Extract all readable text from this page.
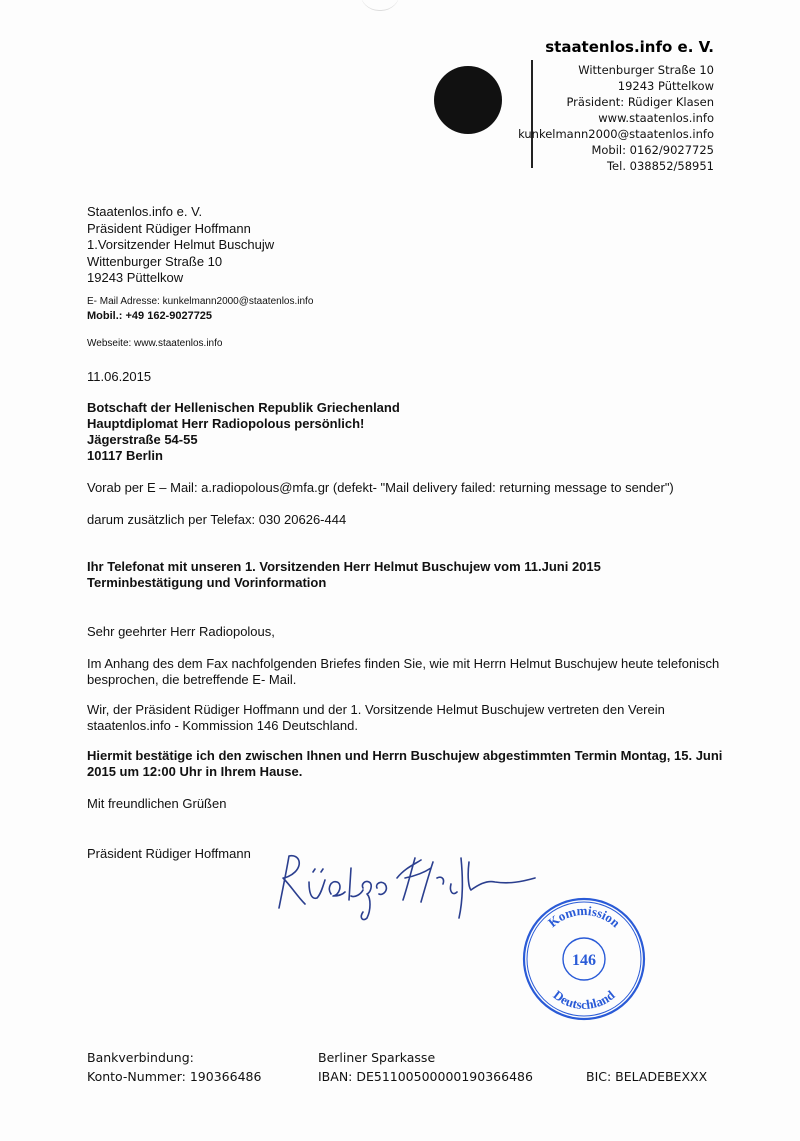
staatenlos.info e. V.
Wittenburger Straße 10
19243 Püttelkow
Präsident: Rüdiger Klasen
www.staatenlos.info
kunkelmann2000@staatenlos.info
Mobil: 0162/9027725
Tel. 038852/58951
Staatenlos.info e. V.
Präsident Rüdiger Hoffmann
1.Vorsitzender Helmut Buschujw
Wittenburger Straße 10
19243 Püttelkow
E- Mail Adresse: kunkelmann2000@staatenlos.info
Mobil.: +49 162-9027725
Webseite: www.staatenlos.info
11.06.2015
Botschaft der Hellenischen Republik Griechenland
Hauptdiplomat Herr Radiopolous persönlich!
Jägerstraße 54-55
10117 Berlin
Vorab per E – Mail: a.radiopolous@mfa.gr (defekt- "Mail delivery failed: returning message to sender")
darum zusätzlich per Telefax: 030 20626-444
Ihr Telefonat mit unseren 1. Vorsitzenden Herr Helmut Buschujew vom 11.Juni 2015
Terminbestätigung und Vorinformation
Sehr geehrter Herr Radiopolous,
Im Anhang des dem Fax nachfolgenden Briefes finden Sie, wie mit Herrn Helmut Buschujew heute telefonisch besprochen, die betreffende E- Mail.
Wir, der Präsident Rüdiger Hoffmann und der 1. Vorsitzende Helmut Buschujew vertreten den Verein staatenlos.info - Kommission 146 Deutschland.
Hiermit bestätige ich den zwischen Ihnen und Herrn Buschujew abgestimmten Termin Montag, 15. Juni 2015 um 12:00 Uhr in Ihrem Hause.
Mit freundlichen Grüßen
Präsident Rüdiger Hoffmann
Kommission
146
Deutschland
Bankverbindung:
Konto-Nummer: 190366486
Berliner Sparkasse
IBAN: DE51100500000190366486	BIC: BELADEBEXXX
